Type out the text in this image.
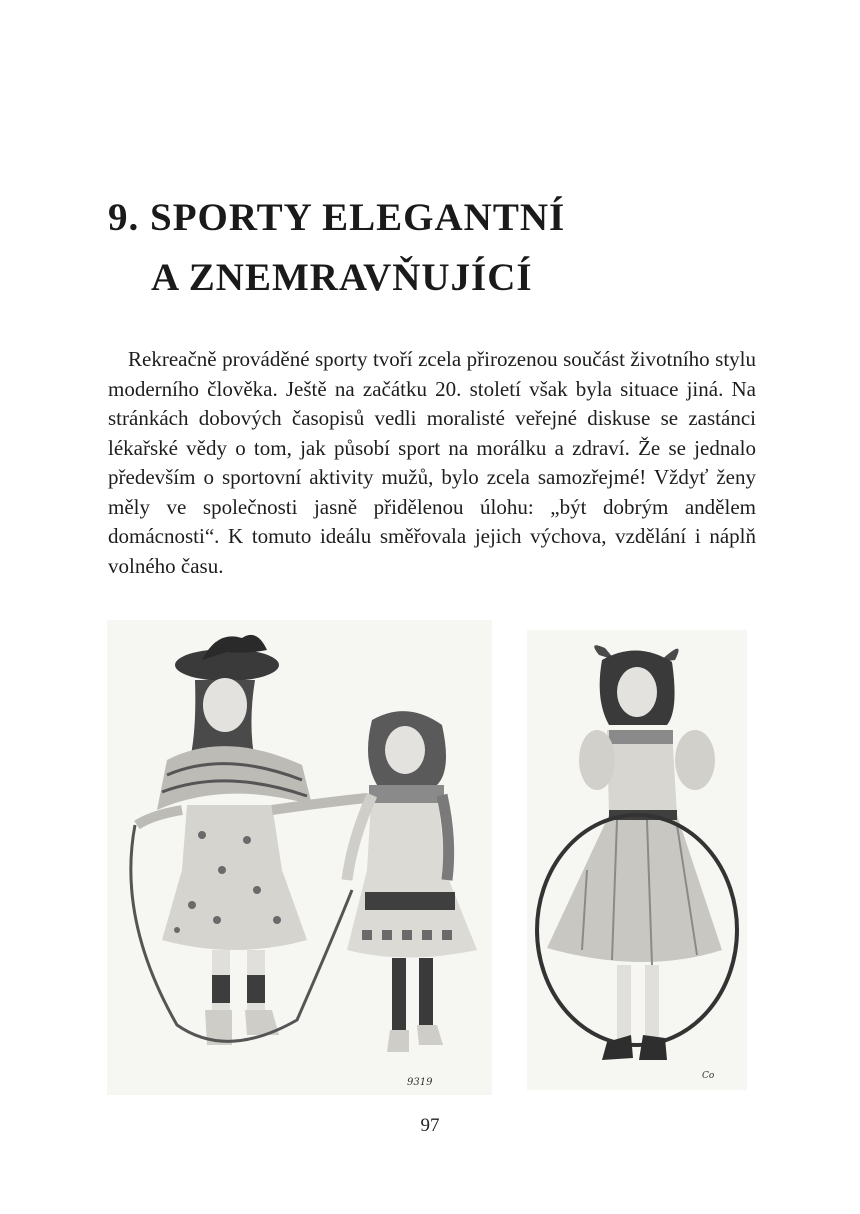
9. SPORTY ELEGANTNÍ
A ZNEMRAVŇUJÍCÍ

Rekreačně prováděné sporty tvoří zcela přirozenou součást životního stylu moderního člověka. Ještě na začátku 20. století však byla situace jiná. Na stránkách dobových časopisů vedli moralisté veřejné diskuse se zastánci lékařské vědy o tom, jak působí sport na morálku a zdraví. Že se jednalo především o sportovní aktivity mužů, bylo zcela samozřejmé! Vždyť ženy měly ve společnosti jasně přidělenou úlohu: „být dobrým andělem domácnosti“. K tomuto ideálu směřovala jejich výchova, vzdělání i náplň volného času.

9319
Co
97
